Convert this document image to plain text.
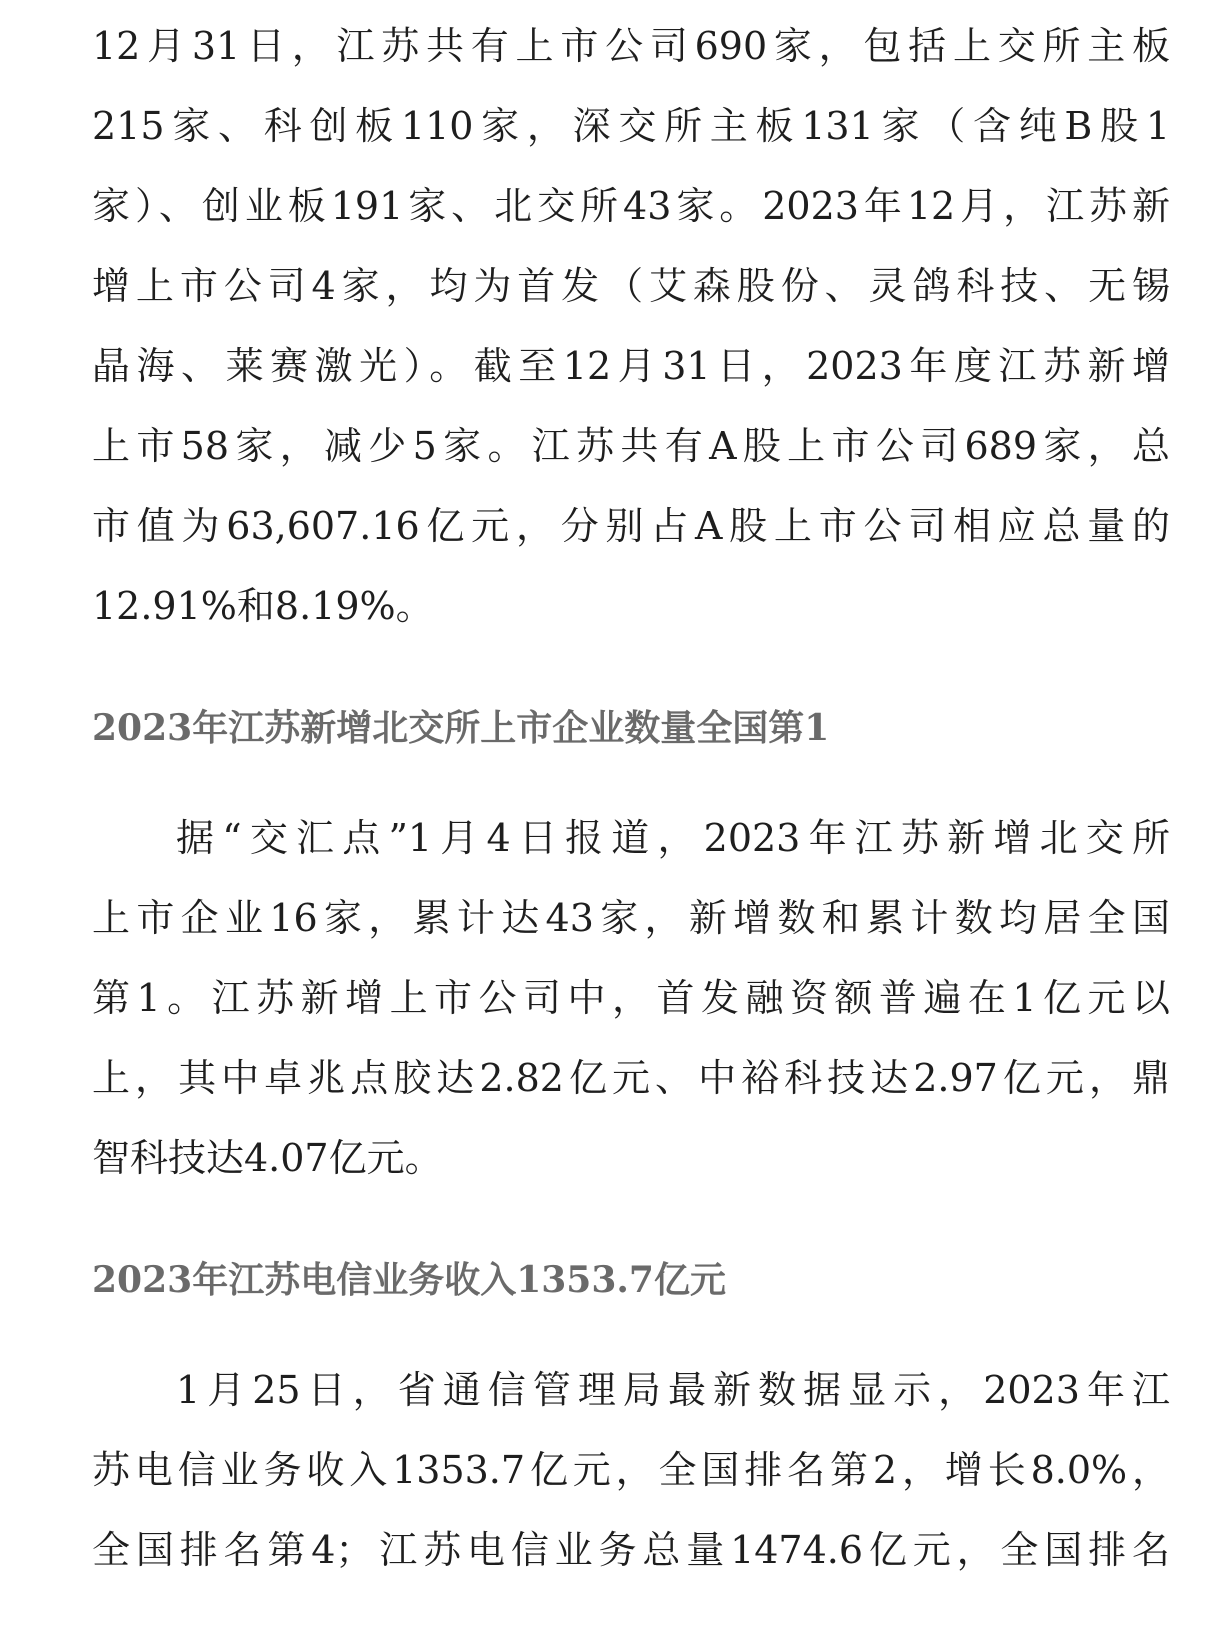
12月31日，江苏共有上市公司690家，包括上交所主板
215家、科创板110家，深交所主板131家（含纯B股1
家）、创业板191家、北交所43家。2023年12月，江苏新
增上市公司4家，均为首发（艾森股份、灵鸽科技、无锡
晶海、莱赛激光）。截至12月31日，2023年度江苏新增
上市58家，减少5家。江苏共有A股上市公司689家，总
市值为63,607.16亿元，分别占A股上市公司相应总量的
12.91%和8.19%。
2023年江苏新增北交所上市企业数量全国第1
据“交汇点”1月4日报道，2023年江苏新增北交所
上市企业16家，累计达43家，新增数和累计数均居全国
第1。江苏新增上市公司中，首发融资额普遍在1亿元以
上，其中卓兆点胶达2.82亿元、中裕科技达2.97亿元，鼎
智科技达4.07亿元。
2023年江苏电信业务收入1353.7亿元
1月25日，省通信管理局最新数据显示，2023年江
苏电信业务收入1353.7亿元，全国排名第2，增长8.0%，
全国排名第4；江苏电信业务总量1474.6亿元，全国排名
